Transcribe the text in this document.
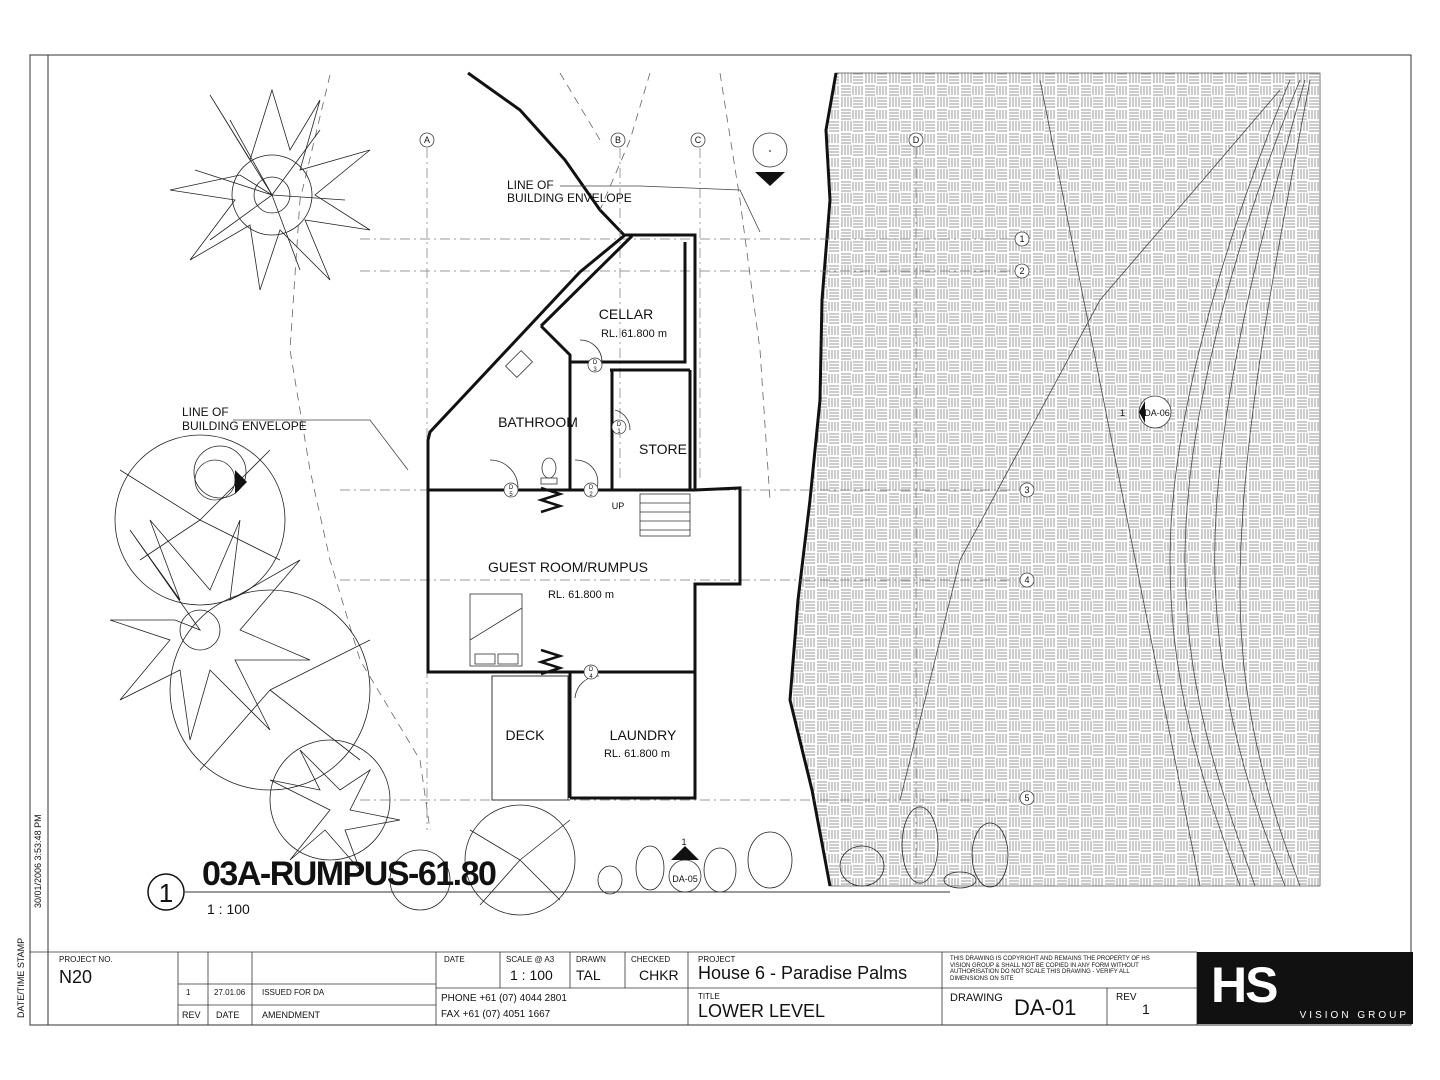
A	B	C	D
1
2
3
4
5
3
1
5	2
4
D
D
D	D
D
CELLAR
BATHROOM
STORE
GUEST ROOM/RUMPUS
DECK	LAUNDRY
RL. 61.800 m
RL. 61.800 m
RL. 61.800 m
UP
LINE OF
BUILDING ENVELOPE
LINE OF
BUILDING ENVELOPE
1 DA-06
1
DA-05
1 03A-RUMPUS-61.80
1 : 100
DATE/TIME STAMP
30/01/2006 3:53:48 PM
PROJECT NO.
N20
1	27.01.06 ISSUED FOR DA
REV DATE	AMENDMENT
DATE	SCALE @ A3
1 : 100
DRAWN
TAL
CHECKED
CHKR
PHONE +61 (07) 4044 2801
FAX +61 (07) 4051 1667
PROJECT
House 6 - Paradise Palms
TITLE
LOWER LEVEL
THIS DRAWING IS COPYRIGHT AND REMAINS THE PROPERTY OF HS VISION GROUP & SHALL NOT BE COPIED IN ANY FORM WITHOUT AUTHORISATION DO NOT SCALE THIS DRAWING - VERIFY ALL DIMENSIONS ON SITE
DRAWING DA-01	REV
1 HS
VISION GROUP
